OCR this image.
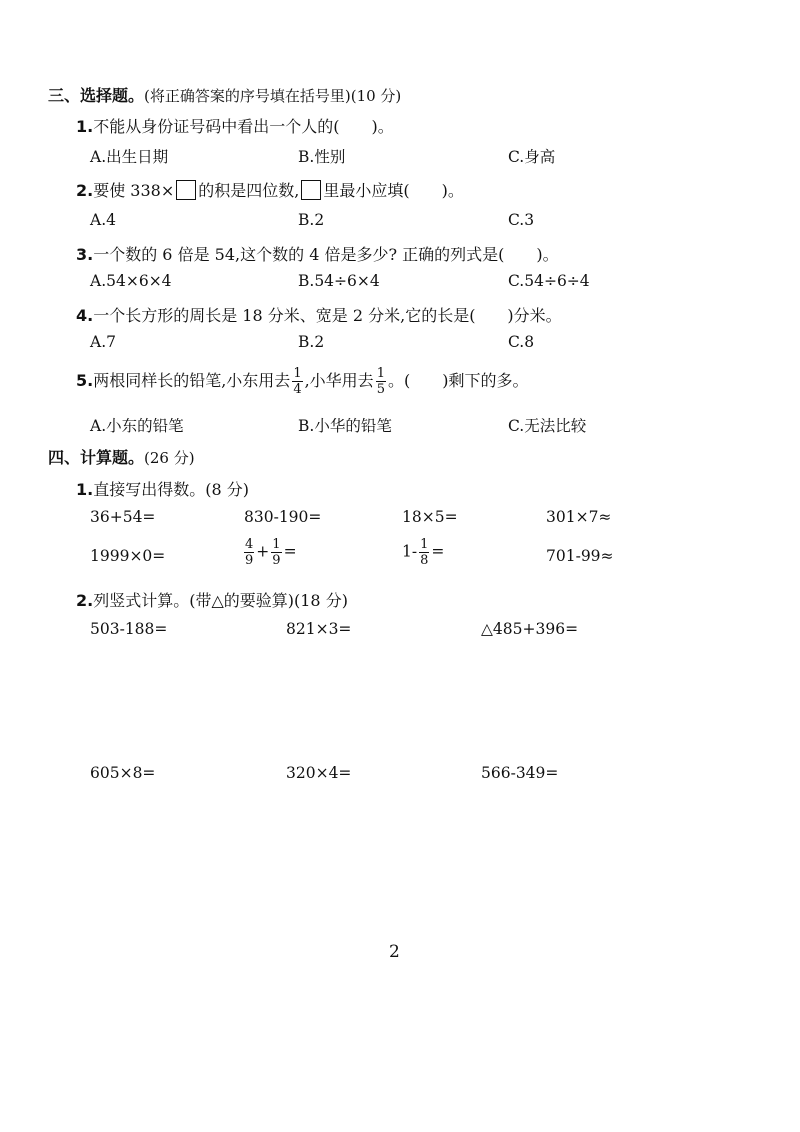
三、选择题。(将正确答案的序号填在括号里)(10 分)
1.不能从身份证号码中看出一个人的(　　)。
A.出生日期	B.性别	C.身高
2.要使 338× 的积是四位数, 里最小应填(　　)。
A.4	B.2	C.3
3.一个数的 6 倍是 54,这个数的 4 倍是多少? 正确的列式是(　　)。
A.54×6×4	B.54÷6×4	C.54÷6÷4
4.一个长方形的周长是 18 分米、宽是 2 分米,它的长是(　　)分米。
A.7	B.2	C.8
5.两根同样长的铅笔,小东用去 $\frac{1}{4}$ ,小华用去 $\frac{1}{5}$ 。(　　)剩下的多。
A.小东的铅笔	B.小华的铅笔	C.无法比较
四、计算题。(26 分)
1.直接写出得数。(8 分)
36+54=	830-190=	18×5=	301×7≈
1999×0=	$\frac{4}{9} + \frac{1}{9}$ =	$1- \frac{1}{8}$ =	701-99≈
2.列竖式计算。(带△的要验算)(18 分)
503-188=	821×3=	△485+396=
605×8=	320×4=	566-349=
2
